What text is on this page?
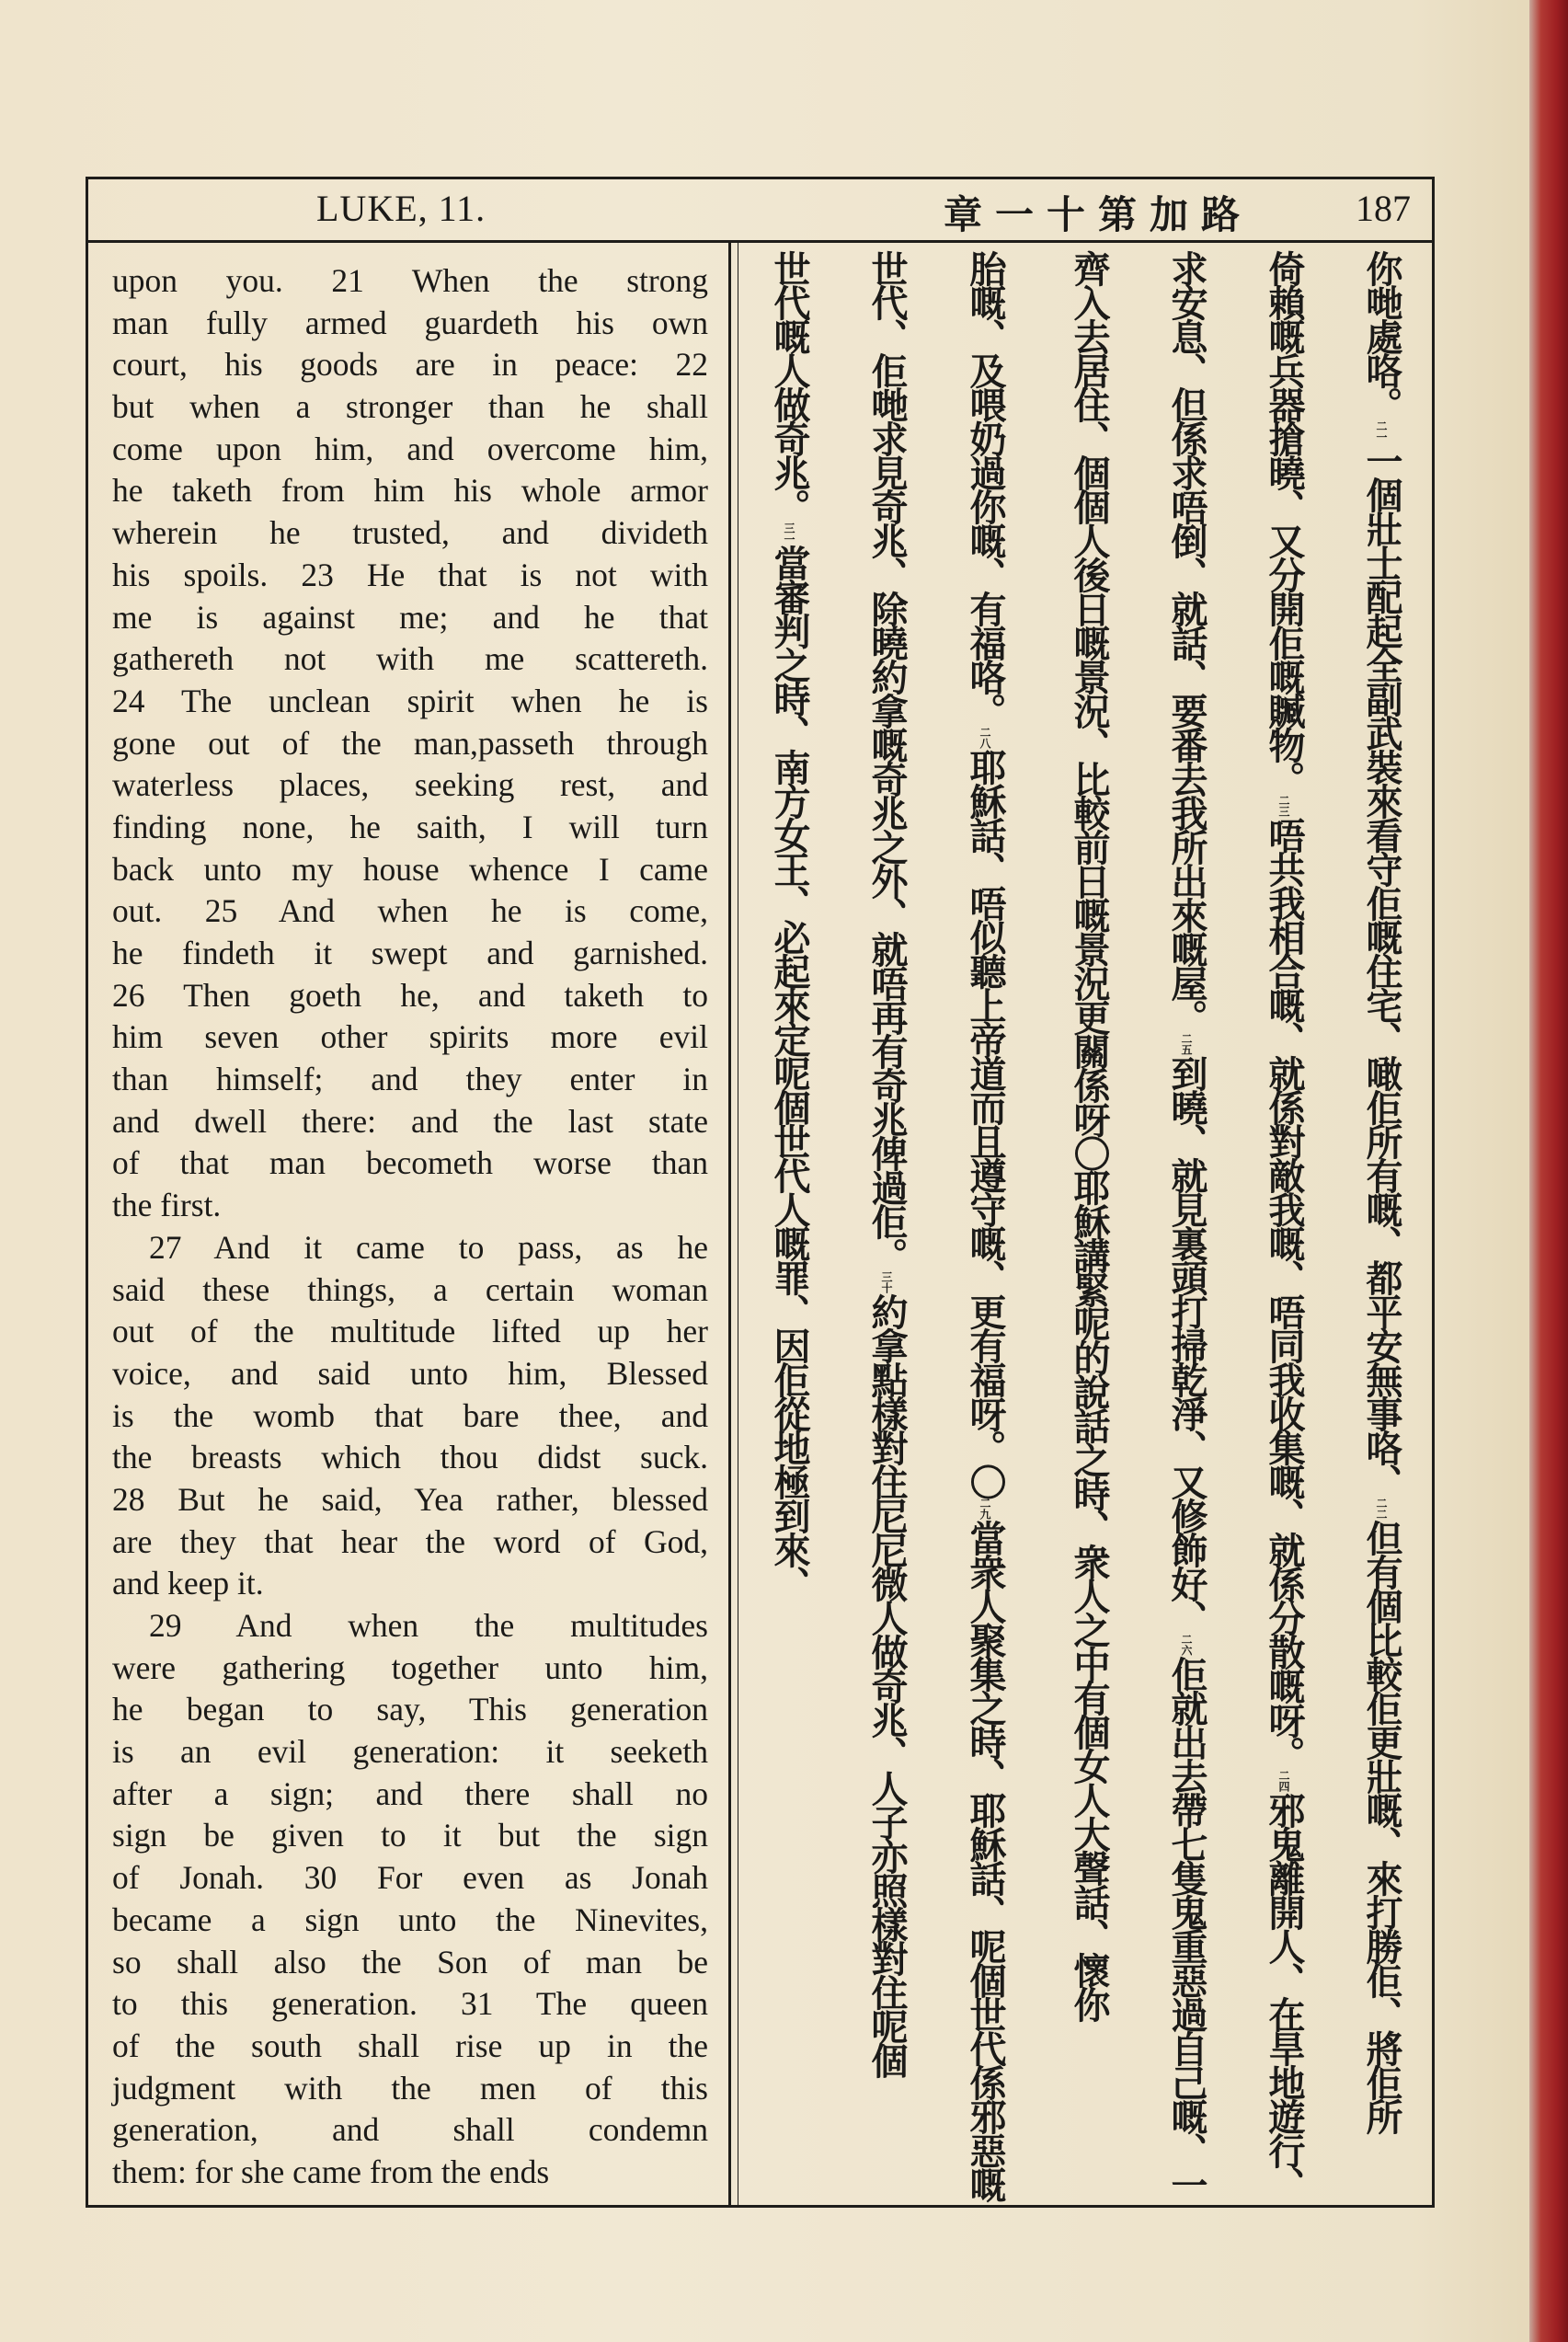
LUKE, 11.	章一十第加路	187
upon you. 21 When the strong
man fully armed guardeth his own
court, his goods are in peace: 22
but when a stronger than he shall
come upon him, and overcome him,
he taketh from him his whole armor
wherein he trusted, and divideth
his spoils. 23 He that is not with
me is against me; and he that
gathereth not with me scattereth.
24 The unclean spirit when he is
gone out of the man,passeth through
waterless places, seeking rest, and
finding none, he saith, I will turn
back unto my house whence I came
out. 25 And when he is come,
he findeth it swept and garnished.
26 Then goeth he, and taketh to
him seven other spirits more evil
than himself; and they enter in
and dwell there: and the last state
of that man becometh worse than
the first.
27 And it came to pass, as he
said these things, a certain woman
out of the multitude lifted up her
voice, and said unto him, Blessed
is the womb that bare thee, and
the breasts which thou didst suck.
28 But he said, Yea rather, blessed
are they that hear the word of God,
and keep it.
29 And when the multitudes
were gathering together unto him,
he began to say, This generation
is an evil generation: it seeketh
after a sign; and there shall no
sign be given to it but the sign
of Jonah. 30 For even as Jonah
became a sign unto the Ninevites,
so shall also the Son of man be
to this generation. 31 The queen
of the south shall rise up in the
judgment with the men of this
generation, and shall condemn
them: for she came from the ends
你哋處咯。二一一個壯士配起全副武裝來看守佢嘅住宅、噉佢所有嘅、都平安無事咯、二二但有個比較佢更壯嘅、來打勝佢、將佢所
倚賴嘅兵器搶曉、又分開佢嘅贓物。二三唔共我相合嘅、就係對敵我嘅、唔同我收集嘅、就係分散嘅呀。二四邪鬼離開人、在旱地遊行、
求安息、但係求唔倒、就話、要番去我所出來嘅屋。二五到曉、就見裏頭打掃乾淨、又修飾好、二六佢就出去帶七隻鬼重惡過自己嘅、一
齊入去居住、個個人後日嘅景況、比較前日嘅景況更關係呀〇耶穌講緊呢的說話之時、衆人之中有個女人大聲話、懷你
胎嘅、及喂奶過你嘅、有福咯。二八耶穌話、唔似聽上帝道而且遵守嘅、更有福呀。〇二九當衆人聚集之時、耶穌話、呢個世代係邪惡嘅
世代、佢哋求見奇兆、除曉約拿嘅奇兆之外、就唔再有奇兆俾過佢。三十約拿點樣對住尼尼微人做奇兆、人子亦照樣對住呢個
世代嘅人做奇兆。三一當審判之時、南方女王、必起來定呢個世代人嘅罪、因佢從地極到來、
